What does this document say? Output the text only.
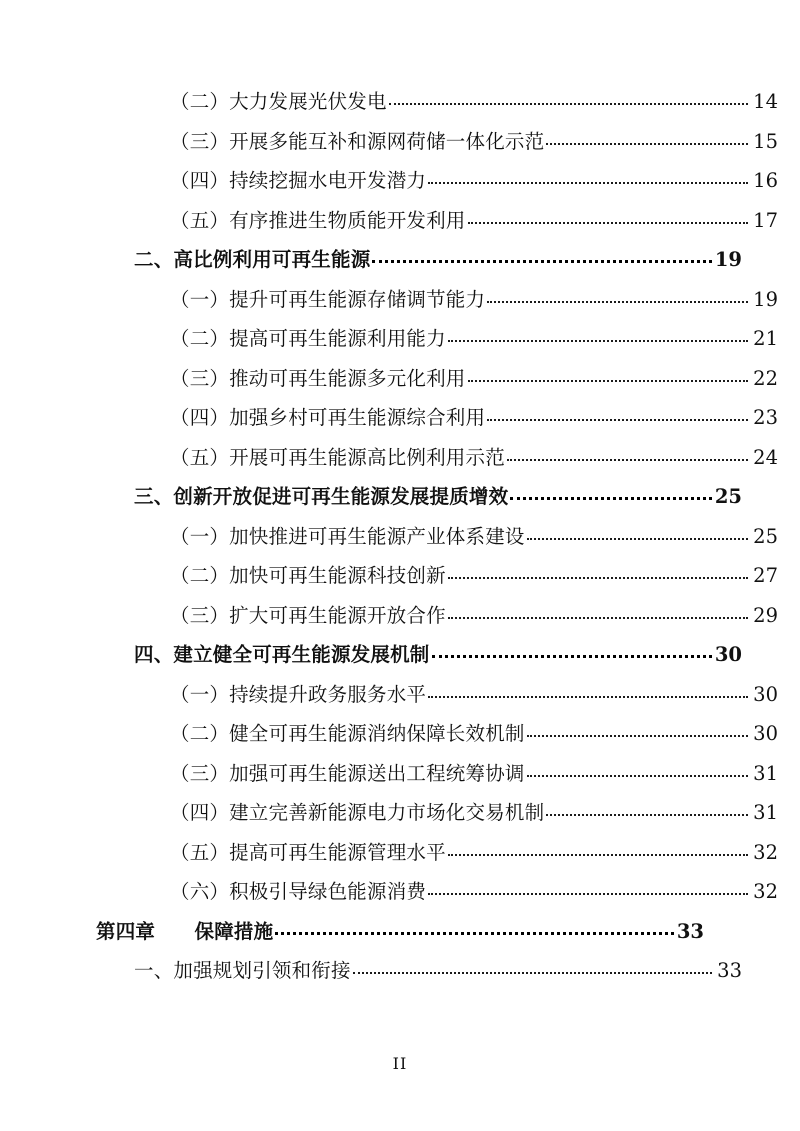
（二）大力发展光伏发电	14
（三）开展多能互补和源网荷储一体化示范	15
（四）持续挖掘水电开发潜力	16
（五）有序推进生物质能开发利用	17
二、高比例利用可再生能源	19
（一）提升可再生能源存储调节能力	19
（二）提高可再生能源利用能力	21
（三）推动可再生能源多元化利用	22
（四）加强乡村可再生能源综合利用	23
（五）开展可再生能源高比例利用示范	24
三、创新开放促进可再生能源发展提质增效	25
（一）加快推进可再生能源产业体系建设	25
（二）加快可再生能源科技创新	27
（三）扩大可再生能源开放合作	29
四、建立健全可再生能源发展机制	30
（一）持续提升政务服务水平	30
（二）健全可再生能源消纳保障长效机制	30
（三）加强可再生能源送出工程统筹协调	31
（四）建立完善新能源电力市场化交易机制	31
（五）提高可再生能源管理水平	32
（六）积极引导绿色能源消费	32
第四章  保障措施	33
一、加强规划引领和衔接	33
II
